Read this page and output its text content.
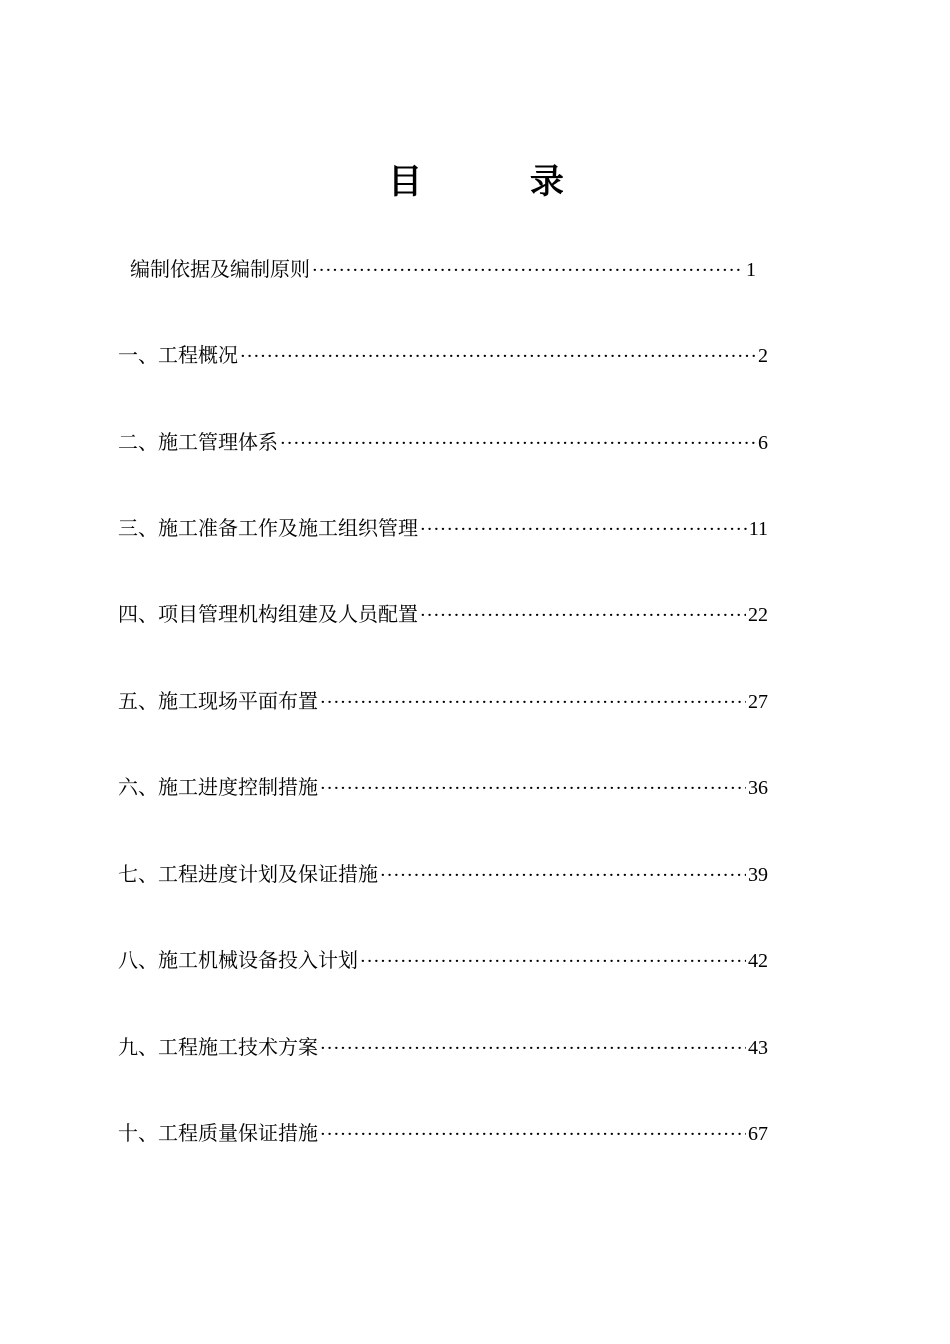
目 录
编制依据及编制原则 ·····	1
一、工程概况 ·····	2
二、施工管理体系 ·····	6
三、施工准备工作及施工组织管理 ·····	11
四、项目管理机构组建及人员配置 ·····	22
五、施工现场平面布置 ·····	27
六、施工进度控制措施 ·····	36
七、工程进度计划及保证措施 ·····	39
八、施工机械设备投入计划 ·····	42
九、工程施工技术方案 ·····	43
十、工程质量保证措施 ·····	67
